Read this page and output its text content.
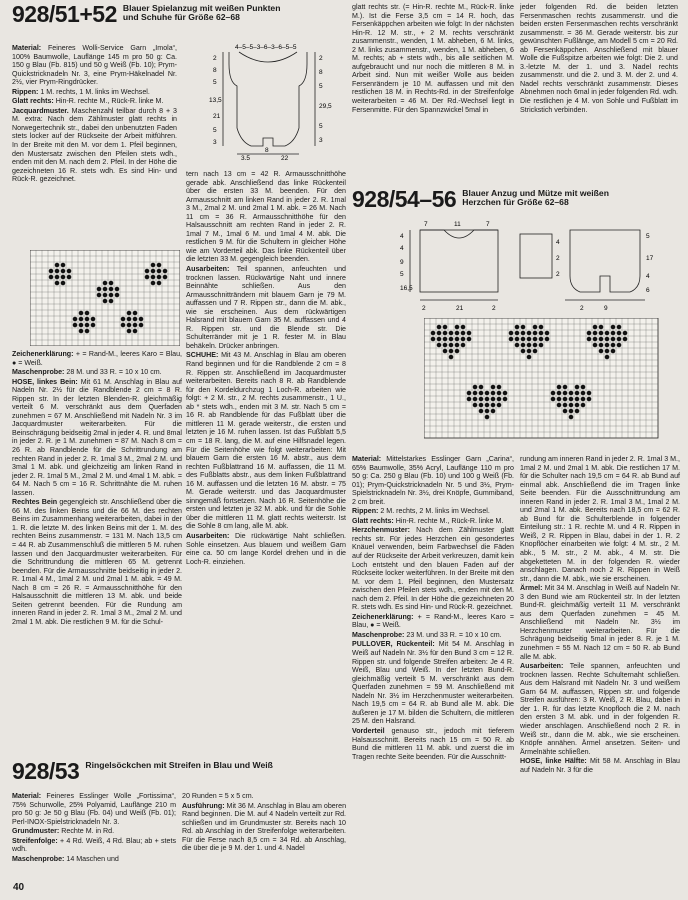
928/51+52 Blauer Spielanzug mit weißen Punkten und Schuhe für Größe 62–68
4–5–5–3–6–3–6–5–5
2
8
5
13,5
21
5
3
2
8
5
29,5
5
3
3,5
8
22

Material: Feineres Wolli-Service Garn „Imola“, 100% Baumwolle, Lauflänge 145 m pro 50 g: Ca. 150 g Blau (Fb. 815) und 50 g Weiß (Fb. 10); Prym-Quickstricknadeln Nr. 3, eine Prym-Häkelnadel Nr. 2½, vier Prym-Ringdrücker.

Rippen: 1 M. rechts, 1 M. links im Wechsel.

Glatt rechts: Hin-R. rechte M., Rück-R. linke M.

Jacquardmuster. Maschenzahl teilbar durch 8 + 3 M. extra: Nach dem Zählmuster glatt rechts in Norwegertechnik str., dabei den unbenutzten Faden stets locker auf der Rückseite der Arbeit mitführen. In der Breite mit den M. vor dem 1. Pfeil beginnen, den Mustersatz zwischen den Pfeilen stets wdh., enden mit den M. nach dem 2. Pfeil. In der Höhe die gezeichneten 16 R. stets wdh. Es sind Hin- und Rück-R. gezeichnet.

Zeichenerklärung: + = Rand-M., leeres Karo = Blau, ● = Weiß.

Maschenprobe: 28 M. und 33 R. = 10 x 10 cm.

HOSE, linkes Bein: Mit 61 M. Anschlag in Blau auf Nadeln Nr. 2½ für die Randblende 2 cm = 8 R. Rippen str. In der letzten Blenden-R. gleichmäßig verteilt 6 M. verschränkt aus dem Querfaden zunehmen = 67 M. Anschließend mit Nadeln Nr. 3 im Jacquardmuster weiterarbeiten. Für die Beinschrägung beidseitig 2mal in jeder 4. R. und 8mal in jeder 2. R. je 1 M. zunehmen = 87 M. Nach 8 cm = 26 R. ab Randblende für die Schrittrundung am rechten Rand in jeder 2. R. 1mal 3 M., 2mal 2 M. und 3mal 1 M. abk. und gleichzeitig am linken Rand in jeder 2. R. 1mal 5 M., 2mal 2 M. und 4mal 1 M. abk. = 64 M. Nach 5 cm = 16 R. Schrittnähte die M. ruhen lassen.

Rechtes Bein gegengleich str. Anschließend über die 66 M. des linken Beins und die 66 M. des rechten Beins im Zusammenhang weiterarbeiten, dabei in der 1. R. die letzte M. des linken Beins mit der 1. M. des rechten Beins zusammenstr. = 131 M. Nach 13,5 cm = 44 R. ab Zusammenschluß die mittleren 5 M. ruhen lassen und den Jacquardmuster weiterarbeiten. Für die Schrittrundung die mittleren 65 M. getrennt beenden. Für die Armausschnitte beidseitig in jeder 2. R. 1mal 4 M., 1mal 2 M. und 2mal 1 M. abk. = 49 M. Nach 8 cm = 26 R. = Armausschnitthöhe für den Halsausschnitt die mittleren 13 M. abk. und beide Seiten getrennt beenden. Für die Rundung am inneren Rand in jeder 2. R. 1mal 3 M., 2mal 2 M. und 2mal 1 M. abk. Die restlichen 9 M. für die Schul-

tern nach 13 cm = 42 R. Armausschnitthöhe gerade abk. Anschließend das linke Rückenteil über die ersten 33 M. beenden. Für den Armausschnitt am linken Rand in jeder 2. R. 1mal 3 M., 2mal 2 M. und 2mal 1 M. abk. = 26 M. Nach 11 cm = 36 R. Armausschnitthöhe für den Halsausschnitt am rechten Rand in jeder 2. R. 1mal 7 M., 1mal 6 M. und 1mal 4 M. abk. Die restlichen 9 M. für die Schultern in gleicher Höhe wie am Vorderteil abk. Das linke Rückenteil über die letzten 33 M. gegengleich beenden.

Ausarbeiten: Teil spannen, anfeuchten und trocknen lassen. Rückwärtige Naht und innere Beinnähte schließen. Aus den Armausschnitträndern mit blauem Garn je 79 M. auffassen und 7 R. Rippen str., dann die M. abk., wie sie erscheinen. Aus dem rückwärtigen Halsrand mit blauem Garn 35 M. auffassen und 4 R. Rippen str. und die Blende str. Die Schulterränder mit je 1 R. fester M. in Blau behäkeln. Drücker anbringen.

SCHUHE: Mit 43 M. Anschlag in Blau am oberen Rand beginnen und für die Randblende 2 cm = 8 R. Rippen str. Anschließend im Jacquardmuster weiterarbeiten. Bereits nach 8 R. ab Randblende für den Kordeldurchzug 1 Loch-R. arbeiten wie folgt: + 2 M. str., 2 M. rechts zusammenstr., 1 U., ab * stets wdh., enden mit 3 M. str. Nach 5 cm = 16 R. ab Randblende für das Fußblatt über die mittleren 11 M. gerade weiterstr., die ersten und letzten je 16 M. ruhen lassen. Ist das Fußblatt 5,5 cm = 18 R. lang, die M. auf eine Hilfsnadel legen. Für die Seitenhöhe wie folgt weiterarbeiten: Mit blauem Garn die ersten 16 M. abstr., aus dem rechten Fußblattrand 16 M. auffassen, die 11 M. des Fußblatts abstr., aus dem linken Fußblattrand 16 M. auffassen und die letzten 16 M. abstr. = 75 M. Gerade weiterstr. und das Jacquardmuster sinngemäß fortsetzen. Nach 16 R. Seitenhöhe die ersten und letzten je 32 M. abk. und für die Sohle über die mittleren 11 M. glatt rechts weiterstr. Ist die Sohle 8 cm lang, alle M. abk.

Ausarbeiten: Die rückwärtige Naht schließen. Sohle einsetzen. Aus blauem und weißem Garn eine ca. 50 cm lange Kordel drehen und in die Loch-R. einziehen.

glatt rechts str. (= Hin-R. rechte M., Rück-R. linke M.). Ist die Ferse 3,5 cm = 14 R. hoch, das Fersenkäppchen arbeiten wie folgt: In der nächsten Hin-R. 12 M. str., + 2 M. rechts verschränkt zusammenstr., wenden, 1 M. abheben, 6 M. links, 2 M. links zusammenstr., wenden, 1 M. abheben, 6 M. rechts; ab + stets wdh., bis alle seitlichen M. aufgebraucht und nur noch die mittleren 8 M. in Arbeit sind. Nun mit weißer Wolle aus beiden Fersenrändern je 10 M. auffassen und mit den restlichen 18 M. in Rechts-Rd. in der Streifenfolge weiterarbeiten = 46 M. Der Rd.-Wechsel liegt in Fersenmitte. Für den Spannzwickel 5mal in

jeder folgenden Rd. die beiden letzten Fersenmaschen rechts zusammenstr. und die beiden ersten Fersenmaschen rechts verschränkt zusammenstr. = 36 M. Gerade weiterstr. bis zur gewünschten Fußlänge, am Modell 5 cm = 20 Rd. ab Fersenkäppchen. Anschließend mit blauer Wolle die Fußspitze arbeiten wie folgt: Die 2. und 3.-letzte M. der 1. und 3. Nadel rechts zusammenstr. und die 2. und 3. M. der 2. und 4. Nadel rechts verschränkt zusammenstr. Dieses Abnehmen noch 6mal in jeder folgenden Rd. wdh. Die restlichen je 4 M. von Sohle und Fußblatt im Strickstich verbinden.

928/54–56 Blauer Anzug und Mütze mit weißen Herzchen für Größe 62–68
7	11	7
4
4
9
5
16,5
2	21	2
4
2
2
5
17
4
6
2	9

Material: Mittelstarkes Esslinger Garn „Carina“, 65% Baumwolle, 35% Acryl, Lauflänge 110 m pro 50 g: Ca. 250 g Blau (Fb. 10) und 100 g Weiß (Fb. 01); Prym-Quickstricknadeln Nr. 5 und 3½, Prym-Spielstricknadeln Nr. 3½, drei Knöpfe, Gummiband, 2 cm breit.

Rippen: 2 M. rechts, 2 M. links im Wechsel.

Glatt rechts: Hin-R. rechte M., Rück-R. linke M.

Herzchenmuster: Nach dem Zählmuster glatt rechts str. Für jedes Herzchen ein gesondertes Knäuel verwenden, beim Farbwechsel die Fäden auf der Rückseite der Arbeit verkreuzen, damit kein Loch entsteht und den blauen Faden auf der Rückseite locker weiterführen. In der Breite mit den M. vor dem 1. Pfeil beginnen, den Mustersatz zwischen den Pfeilen stets wdh., enden mit den M. nach dem 2. Pfeil. In der Höhe die gezeichneten 20 R. stets wdh. Es sind Hin- und Rück-R. gezeichnet.

Zeichenerklärung: + = Rand-M., leeres Karo = Blau, ● = Weiß.

Maschenprobe: 23 M. und 33 R. = 10 x 10 cm.

PULLOVER, Rückenteil: Mit 54 M. Anschlag in Weiß auf Nadeln Nr. 3½ für den Bund 3 cm = 12 R. Rippen str. und folgende Streifen arbeiten: Je 4 R. Weiß, Blau und Weiß. In der letzten Bund-R. gleichmäßig verteilt 5 M. verschränkt aus dem Querfaden zunehmen = 59 M. Anschließend mit Nadeln Nr. 3½ im Herzchenmuster weiterarbeiten. Nach 19,5 cm = 64 R. ab Bund alle M. abk. Die äußeren je 17 M. bilden die Schultern, die mittleren 25 M. den Halsrand.

Vorderteil genauso str., jedoch mit tieferem Halsausschnitt. Bereits nach 15 cm = 50 R. ab Bund die mittleren 11 M. abk. und zuerst die im Tragen rechte Seite beenden. Für die Ausschnitt-

rundung am inneren Rand in jeder 2. R. 1mal 3 M., 1mal 2 M. und 2mal 1 M. abk. Die restlichen 17 M. für die Schulter nach 19,5 cm = 64 R. ab Bund auf einmal abk. Anschließend die im Tragen linke Seite beenden. Für die Ausschnittrundung am inneren Rand in jeder 2. R. 1mal 3 M., 1mal 2 M. und 2mal 1 M. abk. Bereits nach 18,5 cm = 62 R. ab Bund für die Schulterblende in folgender Einteilung str.: 1 R. rechte M. und 4 R. Rippen in Weiß, 2 R. Rippen in Blau, dabei in der 1. R. 2 Knopflöcher einarbeiten wie folgt: 4 M. str., 2 M. abk., 5 M. str., 2 M. abk., 4 M. str. Die abgeketteten M. in der folgenden R. wieder anschlagen. Danach noch 2 R. Rippen in Weiß str., dann die M. abk., wie sie erscheinen.

Ärmel: Mit 34 M. Anschlag in Weiß auf Nadeln Nr. 3 den Bund wie am Rückenteil str. In der letzten Bund-R. gleichmäßig verteilt 11 M. verschränkt aus dem Querfaden zunehmen = 45 M. Anschließend mit Nadeln Nr. 3½ im Herzchenmuster weiterarbeiten. Für die Schrägung beidseitig 5mal in jeder 8. R. je 1 M. zunehmen = 55 M. Nach 12 cm = 50 R. ab Bund alle M. abk.

Ausarbeiten: Teile spannen, anfeuchten und trocknen lassen. Rechte Schulternaht schließen. Aus dem Halsrand mit Nadeln Nr. 3 und weißem Garn 64 M. auffassen, Rippen str. und folgende Streifen ausführen: 3 R. Weiß, 2 R. Blau, dabei in der 1. R. für das letzte Knopfloch die 2 M. nach den ersten 3 M. abk. und in der folgenden R. wieder anschlagen. Anschließend noch 2 R. in Weiß str., dann die M. abk., wie sie erscheinen. Knöpfe annähen. Ärmel ansetzen. Seiten- und Ärmelnähte schließen.

HOSE, linke Hälfte: Mit 58 M. Anschlag in Blau auf Nadeln Nr. 3 für die

928/53 Ringelsöckchen mit Streifen in Blau und Weiß

Material: Feineres Esslinger Wolle „Fortissima“, 75% Schurwolle, 25% Polyamid, Lauflänge 210 m pro 50 g: Je 50 g Blau (Fb. 04) und Weiß (Fb. 01); Perl-INOX-Spielstricknadeln Nr. 3.

Grundmuster: Rechte M. in Rd.

Streifenfolge: + 4 Rd. Weiß, 4 Rd. Blau; ab + stets wdh.

Maschenprobe: 14 Maschen und

20 Runden = 5 x 5 cm.

Ausführung: Mit 36 M. Anschlag in Blau am oberen Rand beginnen. Die M. auf 4 Nadeln verteilt zur Rd. schließen und im Grundmuster str. Bereits nach 10 Rd. ab Anschlag in der Streifenfolge weiterarbeiten. Für die Ferse nach 8,5 cm = 34 Rd. ab Anschlag, die über die je 9 M. der 1. und 4. Nadel

40
